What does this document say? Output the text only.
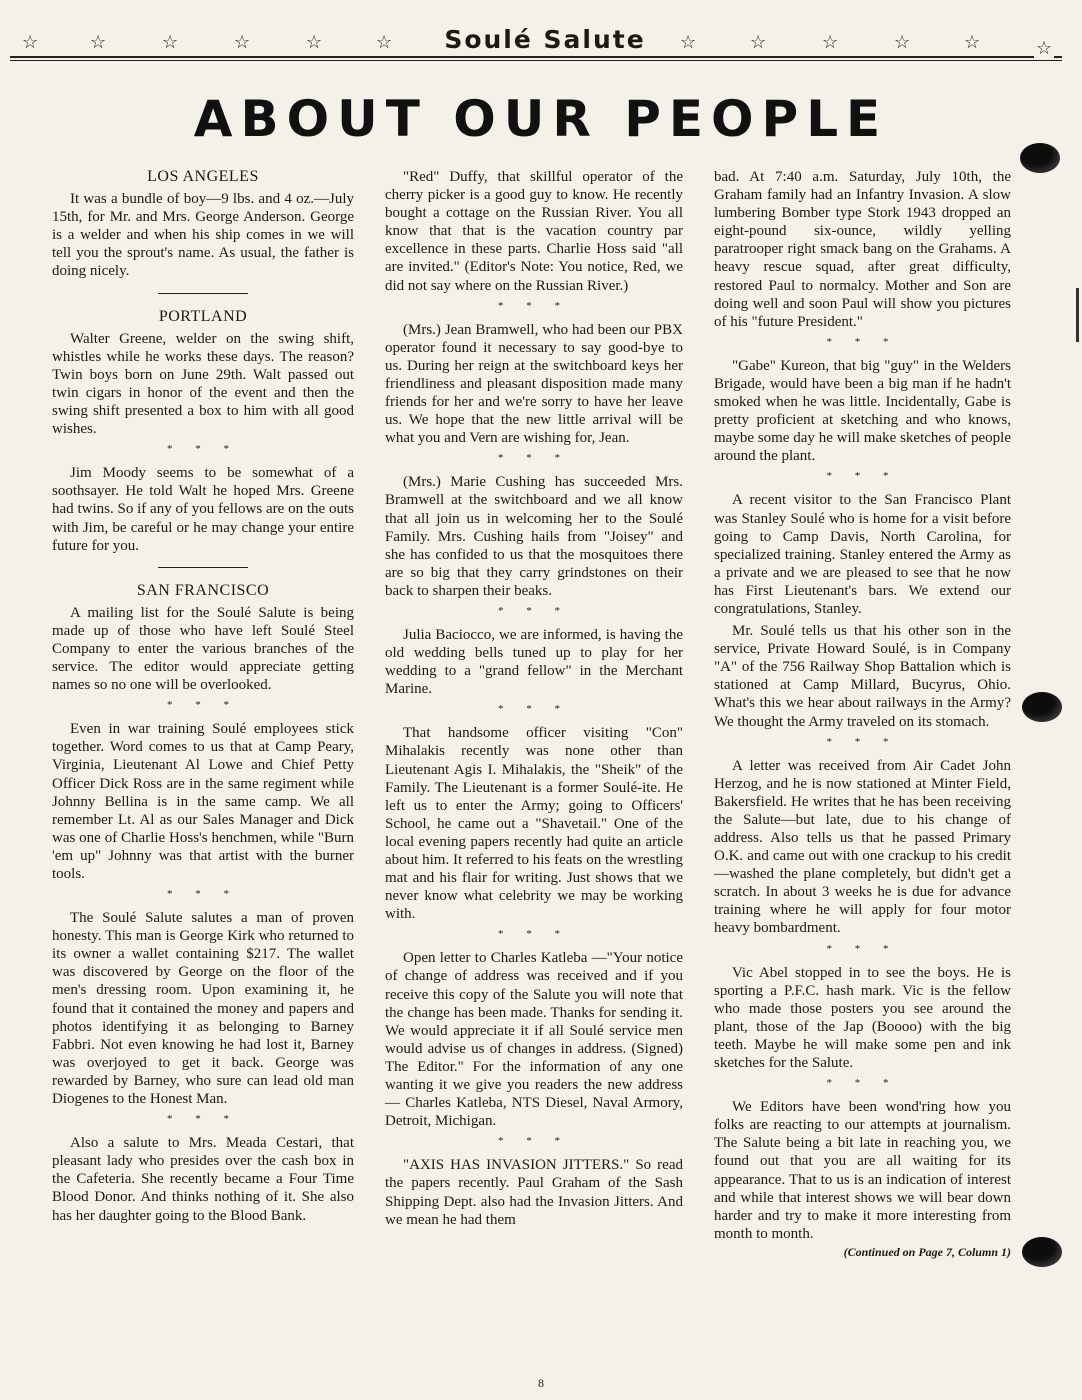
☆	☆	☆	☆	☆	☆	Soulé Salute	☆	☆	☆	☆	☆	☆
ABOUT OUR PEOPLE
LOS ANGELES

It was a bundle of boy—9 lbs. and 4 oz.—July 15th, for Mr. and Mrs. George Anderson. George is a welder and when his ship comes in we will tell you the sprout's name. As usual, the father is doing nicely.

PORTLAND

Walter Greene, welder on the swing shift, whistles while he works these days. The reason? Twin boys born on June 29th. Walt passed out twin cigars in honor of the event and then the swing shift presented a box to him with all good wishes.

* * *

Jim Moody seems to be somewhat of a soothsayer. He told Walt he hoped Mrs. Greene had twins. So if any of you fellows are on the outs with Jim, be careful or he may change your entire future for you.

SAN FRANCISCO

A mailing list for the Soulé Salute is being made up of those who have left Soulé Steel Company to enter the various branches of the service. The editor would appreciate getting names so no one will be overlooked.

* * *

Even in war training Soulé employees stick together. Word comes to us that at Camp Peary, Virginia, Lieutenant Al Lowe and Chief Petty Officer Dick Ross are in the same regiment while Johnny Bellina is in the same camp. We all remember Lt. Al as our Sales Manager and Dick was one of Charlie Hoss's henchmen, while "Burn 'em up" Johnny was that artist with the burner tools.

* * *

The Soulé Salute salutes a man of proven honesty. This man is George Kirk who returned to its owner a wallet containing $217. The wallet was discovered by George on the floor of the men's dressing room. Upon examining it, he found that it contained the money and papers and photos identifying it as belonging to Barney Fabbri. Not even knowing he had lost it, Barney was overjoyed to get it back. George was rewarded by Barney, who sure can lead old man Diogenes to the Honest Man.

* * *

Also a salute to Mrs. Meada Cestari, that pleasant lady who presides over the cash box in the Cafeteria. She recently became a Four Time Blood Donor. And thinks nothing of it. She also has her daughter going to the Blood Bank.

"Red" Duffy, that skillful operator of the cherry picker is a good guy to know. He recently bought a cottage on the Russian River. You all know that that is the vacation country par excellence in these parts. Charlie Hoss said "all are invited." (Editor's Note: You notice, Red, we did not say where on the Russian River.)

* * *

(Mrs.) Jean Bramwell, who had been our PBX operator found it necessary to say good-bye to us. During her reign at the switchboard keys her friendliness and pleasant disposition made many friends for her and we're sorry to have her leave us. We hope that the new little arrival will be what you and Vern are wishing for, Jean.

* * *

(Mrs.) Marie Cushing has succeeded Mrs. Bramwell at the switchboard and we all know that all join us in welcoming her to the Soulé Family. Mrs. Cushing hails from "Joisey" and she has confided to us that the mosquitoes there are so big that they carry grindstones on their back to sharpen their beaks.

* * *

Julia Baciocco, we are informed, is having the old wedding bells tuned up to play for her wedding to a "grand fellow" in the Merchant Marine.

* * *

That handsome officer visiting "Con" Mihalakis recently was none other than Lieutenant Agis I. Mihalakis, the "Sheik" of the Family. The Lieutenant is a former Soulé-ite. He left us to enter the Army; going to Officers' School, he came out a "Shavetail." One of the local evening papers recently had quite an article about him. It referred to his feats on the wrestling mat and his flair for writing. Just shows that we never know what celebrity we may be working with.

* * *

Open letter to Charles Katleba —"Your notice of change of address was received and if you receive this copy of the Salute you will note that the change has been made. Thanks for sending it. We would appreciate it if all Soulé service men would advise us of changes in address. (Signed) The Editor." For the information of any one wanting it we give you readers the new address — Charles Katleba, NTS Diesel, Naval Armory, Detroit, Michigan.

* * *

"AXIS HAS INVASION JITTERS." So read the papers recently. Paul Graham of the Sash Shipping Dept. also had the Invasion Jitters. And we mean he had them

bad. At 7:40 a.m. Saturday, July 10th, the Graham family had an Infantry Invasion. A slow lumbering Bomber type Stork 1943 dropped an eight-pound six-ounce, wildly yelling paratrooper right smack bang on the Grahams. A heavy rescue squad, after great difficulty, restored Paul to normalcy. Mother and Son are doing well and soon Paul will show you pictures of his "future President."

* * *

"Gabe" Kureon, that big "guy" in the Welders Brigade, would have been a big man if he hadn't smoked when he was little. Incidentally, Gabe is pretty proficient at sketching and who knows, maybe some day he will make sketches of people around the plant.

* * *

A recent visitor to the San Francisco Plant was Stanley Soulé who is home for a visit before going to Camp Davis, North Carolina, for specialized training. Stanley entered the Army as a private and we are pleased to see that he now has First Lieutenant's bars. We extend our congratulations, Stanley.

Mr. Soulé tells us that his other son in the service, Private Howard Soulé, is in Company "A" of the 756 Railway Shop Battalion which is stationed at Camp Millard, Bucyrus, Ohio. What's this we hear about railways in the Army? We thought the Army traveled on its stomach.

* * *

A letter was received from Air Cadet John Herzog, and he is now stationed at Minter Field, Bakersfield. He writes that he has been receiving the Salute—but late, due to his change of address. Also tells us that he passed Primary O.K. and came out with one crackup to his credit—washed the plane completely, but didn't get a scratch. In about 3 weeks he is due for advance training where he will apply for four motor heavy bombardment.

* * *

Vic Abel stopped in to see the boys. He is sporting a P.F.C. hash mark. Vic is the fellow who made those posters you see around the plant, those of the Jap (Boooo) with the big teeth. Maybe he will make some pen and ink sketches for the Salute.

* * *

We Editors have been wond'ring how you folks are reacting to our attempts at journalism. The Salute being a bit late in reaching you, we found out that you are all waiting for its appearance. That to us is an indication of interest and while that interest shows we will bear down harder and try to make it more interesting from month to month.

(Continued on Page 7, Column 1)
8
